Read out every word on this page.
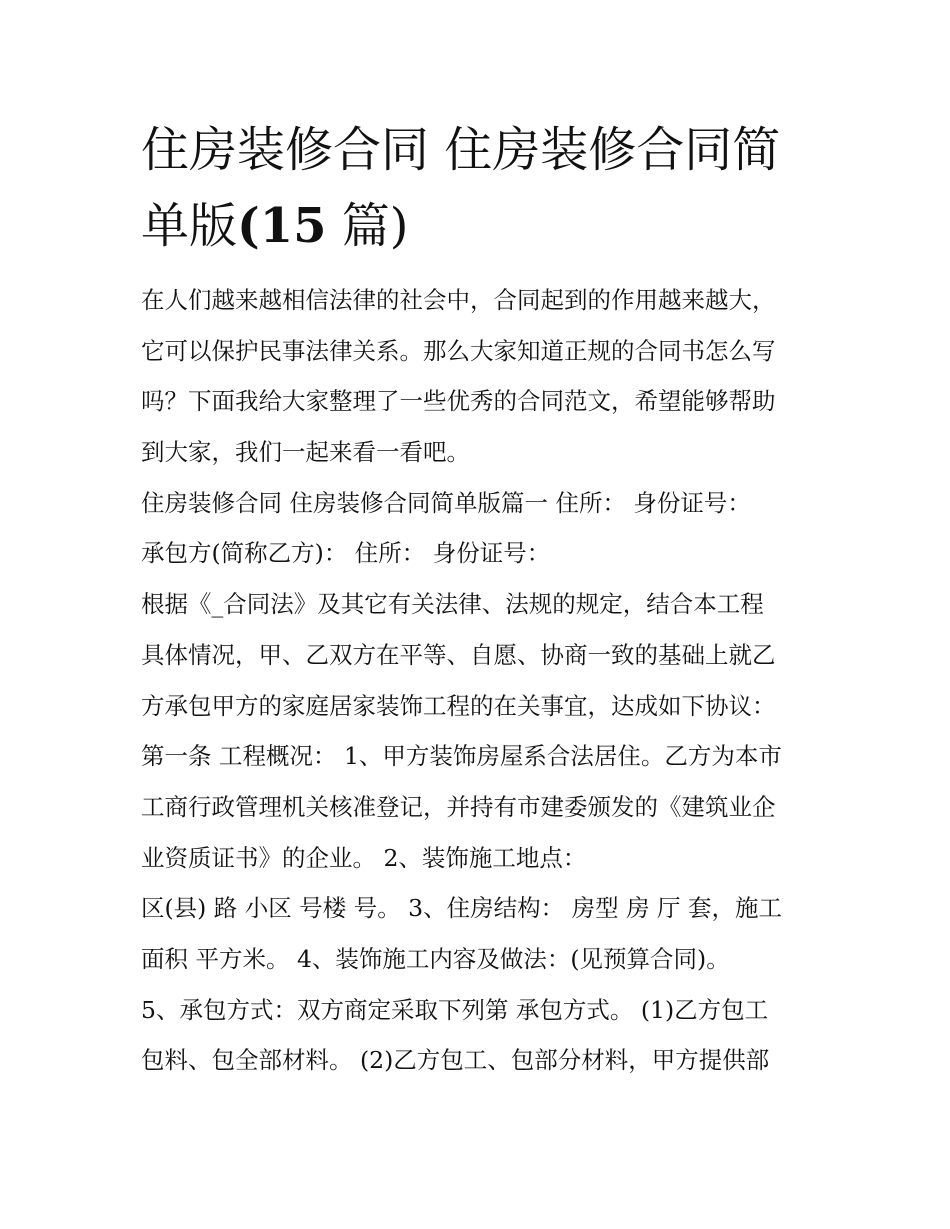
住房装修合同 住房装修合同简
单版(15 篇)
在人们越来越相信法律的社会中，合同起到的作用越来越大，
它可以保护民事法律关系。那么大家知道正规的合同书怎么写
吗？下面我给大家整理了一些优秀的合同范文，希望能够帮助
到大家，我们一起来看一看吧。
住房装修合同 住房装修合同简单版篇一 住所： 身份证号：
承包方(简称乙方)： 住所： 身份证号：
根据《_合同法》及其它有关法律、法规的规定，结合本工程
具体情况，甲、乙双方在平等、自愿、协商一致的基础上就乙
方承包甲方的家庭居家装饰工程的在关事宜，达成如下协议：
第一条 工程概况： 1、甲方装饰房屋系合法居住。乙方为本市
工商行政管理机关核准登记，并持有市建委颁发的《建筑业企
业资质证书》的企业。 2、装饰施工地点：
区(县) 路 小区 号楼 号。 3、住房结构： 房型 房 厅 套，施工
面积 平方米。 4、装饰施工内容及做法：(见预算合同)。
5、承包方式：双方商定采取下列第 承包方式。 (1)乙方包工
包料、包全部材料。 (2)乙方包工、包部分材料，甲方提供部
